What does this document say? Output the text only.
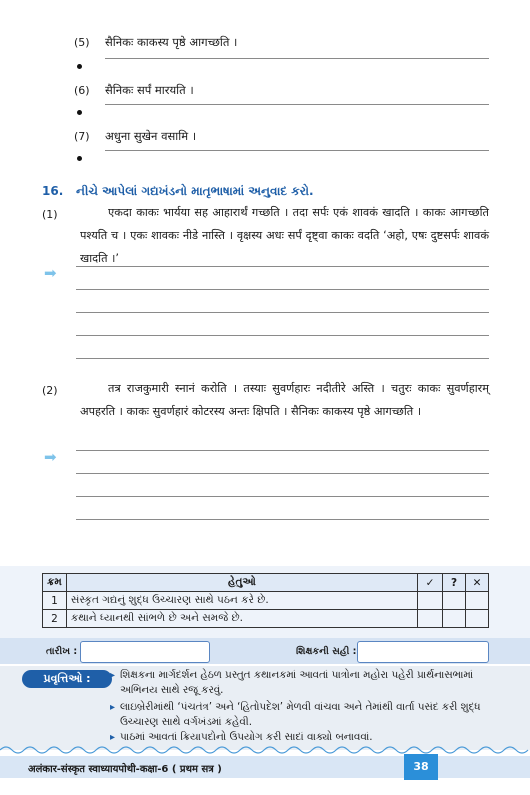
(5) सैनिकः काकस्य पृष्ठे आगच्छति ।
(6) सैनिकः सर्पं मारयति ।
(7) अधुना सुखेन वसामि ।
16. નીચે આપેલાં ગદ્યખંડનો માતૃભાષામાં અનુવાદ કરો.
(1)	एकदा काकः भार्यया सह आहारार्थं गच्छति । तदा सर्पः एकं शावकं खादति । काकः आगच्छति पश्यति च । एकः शावकः नीडे नास्ति । वृक्षस्य अधः सर्पं दृष्ट्वा काकः वदति ‘अहो, एषः दुष्टसर्पः शावकं खादति ।’
➡
(2)	तत्र राजकुमारी स्नानं करोति । तस्याः सुवर्णहारः नदीतीरे अस्ति । चतुरः काकः सुवर्णहारम् अपहरति । काकः सुवर्णहारं कोटरस्य अन्तः क्षिपति । सैनिकः काकस्य पृष्ठे आगच्छति ।
➡
ક્રમ	હેતુઓ	✓	?	✕
1	સંસ્કૃત ગદ્યનું શુદ્ધ ઉચ્ચારણ સાથે પઠન કરે છે.			
2	કથાને ધ્યાનથી સાંભળે છે અને સમજે છે.			
તારીખ :	શિક્ષકની સહી :
પ્રવૃત્તિઓ :	▸ શિક્ષકના માર્ગદર્શન હેઠળ પ્રસ્તુત કથાનકમાં આવતાં પાત્રોના મહોરા પહેરી પ્રાર્થનાસભામાં અભિનય સાથે રજૂ કરવું.
▸ લાઇબ્રેરીમાંથી ‘પંચતંત્ર’ અને ‘હિતોપદેશ’ મેળવી વાંચવા અને તેમાંથી વાર્તા પસંદ કરી શુદ્ધ ઉચ્ચારણ સાથે વર્ગખંડમાં કહેવી.
▸ પાઠમાં આવતાં ક્રિયાપદોનો ઉપયોગ કરી સાદાં વાક્યો બનાવવાં.
अलंकार-संस्कृत स्वाध्यायपोथी-कक्षा-6 ( प्रथम सत्र )	38
